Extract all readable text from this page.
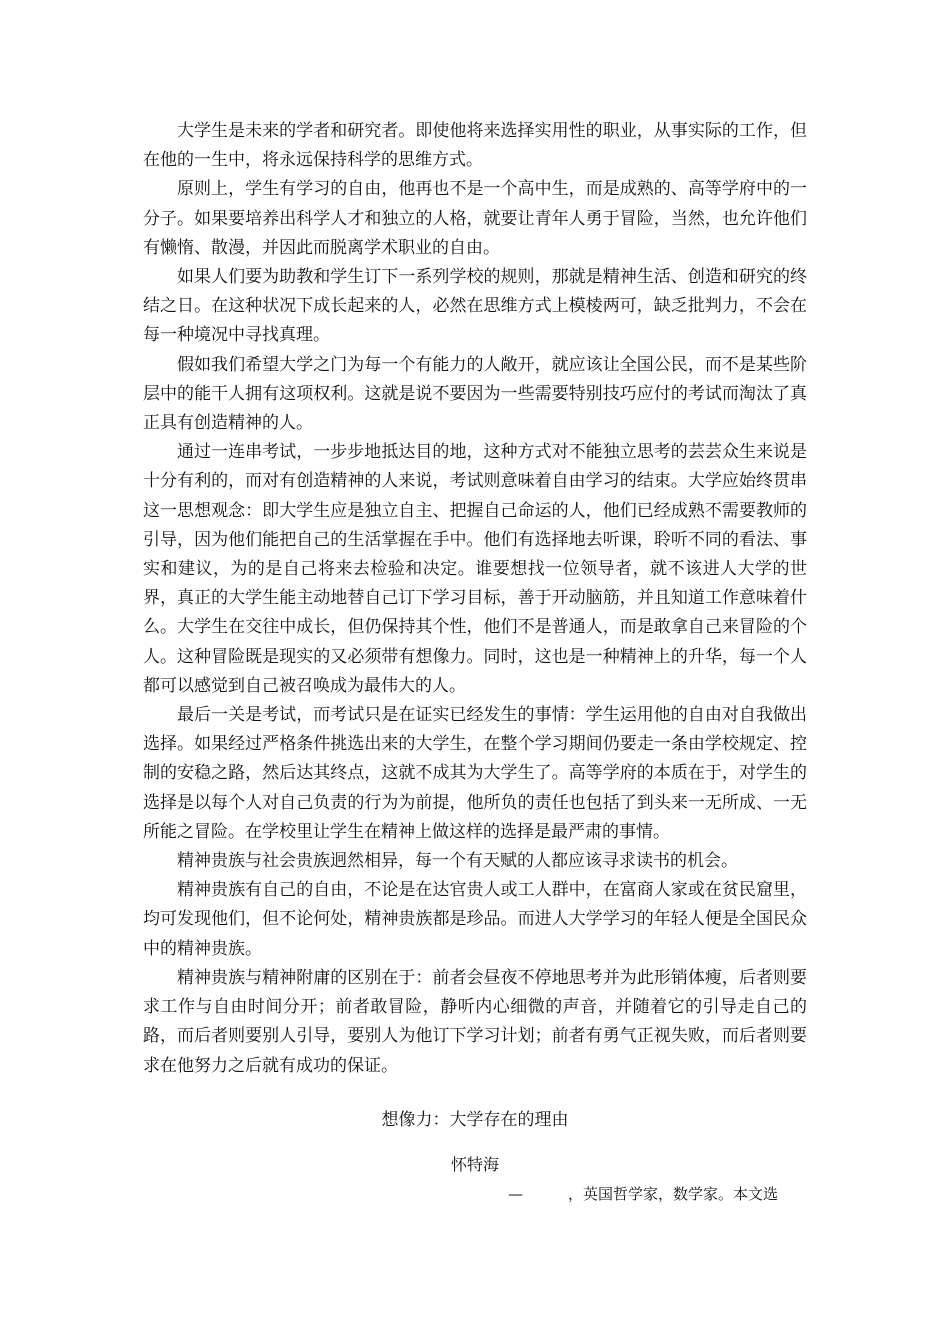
大学生是未来的学者和研究者。即使他将来选择实用性的职业，从事实际的工作，但在他的一生中，将永远保持科学的思维方式。

原则上，学生有学习的自由，他再也不是一个高中生，而是成熟的、高等学府中的一分子。如果要培养出科学人才和独立的人格，就要让青年人勇于冒险，当然，也允许他们有懒惰、散漫，并因此而脱离学术职业的自由。

如果人们要为助教和学生订下一系列学校的规则，那就是精神生活、创造和研究的终结之日。在这种状况下成长起来的人，必然在思维方式上模棱两可，缺乏批判力，不会在每一种境况中寻找真理。

假如我们希望大学之门为每一个有能力的人敞开，就应该让全国公民，而不是某些阶层中的能干人拥有这项权利。这就是说不要因为一些需要特别技巧应付的考试而淘汰了真正具有创造精神的人。

通过一连串考试，一步步地抵达目的地，这种方式对不能独立思考的芸芸众生来说是十分有利的，而对有创造精神的人来说，考试则意味着自由学习的结束。大学应始终贯串这一思想观念：即大学生应是独立自主、把握自己命运的人，他们已经成熟不需要教师的引导，因为他们能把自己的生活掌握在手中。他们有选择地去听课，聆听不同的看法、事实和建议，为的是自己将来去检验和决定。谁要想找一位领导者，就不该进人大学的世界，真正的大学生能主动地替自己订下学习目标，善于开动脑筋，并且知道工作意味着什么。大学生在交往中成长，但仍保持其个性，他们不是普通人，而是敢拿自己来冒险的个人。这种冒险既是现实的又必须带有想像力。同时，这也是一种精神上的升华，每一个人都可以感觉到自己被召唤成为最伟大的人。

最后一关是考试，而考试只是在证实已经发生的事情：学生运用他的自由对自我做出选择。如果经过严格条件挑选出来的大学生，在整个学习期间仍要走一条由学校规定、控制的安稳之路，然后达其终点，这就不成其为大学生了。高等学府的本质在于，对学生的选择是以每个人对自己负责的行为为前提，他所负的责任也包括了到头来一无所成、一无所能之冒险。在学校里让学生在精神上做这样的选择是最严肃的事情。

精神贵族与社会贵族迥然相异，每一个有天赋的人都应该寻求读书的机会。

精神贵族有自己的自由，不论是在达官贵人或工人群中，在富商人家或在贫民窟里，均可发现他们，但不论何处，精神贵族都是珍品。而进人大学学习的年轻人便是全国民众中的精神贵族。

精神贵族与精神附庸的区别在于：前者会昼夜不停地思考并为此形销体瘦，后者则要求工作与自由时间分开；前者敢冒险，静听内心细微的声音，并随着它的引导走自己的路，而后者则要别人引导，要别人为他订下学习计划；前者有勇气正视失败，而后者则要求在他努力之后就有成功的保证。

想像力：大学存在的理由
怀特海
—　　　，英国哲学家，数学家。本文选
